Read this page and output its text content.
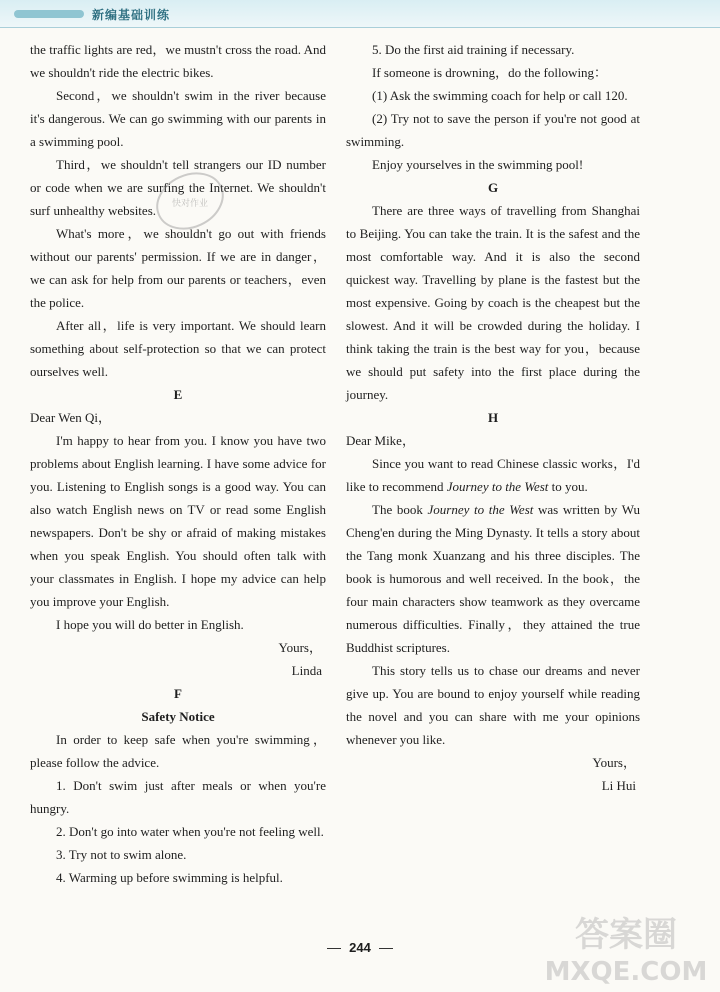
新编基础训练

the traffic lights are red，we mustn't cross the road. And we shouldn't ride the electric bikes.

Second，we shouldn't swim in the river because it's dangerous. We can go swimming with our parents in a swimming pool.

Third，we shouldn't tell strangers our ID number or code when we are surfing the Internet. We shouldn't surf unhealthy websites.

What's more，we shouldn't go out with friends without our parents' permission. If we are in danger，we can ask for help from our parents or teachers，even the police.

After all，life is very important. We should learn something about self-protection so that we can protect ourselves well.

E

Dear Wen Qi，

I'm happy to hear from you. I know you have two problems about English learning. I have some advice for you. Listening to English songs is a good way. You can also watch English news on TV or read some English newspapers. Don't be shy or afraid of making mistakes when you speak English. You should often talk with your classmates in English. I hope my advice can help you improve your English.

I hope you will do better in English.

Yours，

Linda

F

Safety Notice

In order to keep safe when you're swimming，please follow the advice.

1. Don't swim just after meals or when you're hungry.

2. Don't go into water when you're not feeling well.

3. Try not to swim alone.

4. Warming up before swimming is helpful.

5. Do the first aid training if necessary.

If someone is drowning，do the following：

(1) Ask the swimming coach for help or call 120.

(2) Try not to save the person if you're not good at swimming.

Enjoy yourselves in the swimming pool!

G

There are three ways of travelling from Shanghai to Beijing. You can take the train. It is the safest and the most comfortable way. And it is also the second quickest way. Travelling by plane is the fastest but the most expensive. Going by coach is the cheapest but the slowest. And it will be crowded during the holiday. I think taking the train is the best way for you，because we should put safety into the first place during the journey.

H

Dear Mike，

Since you want to read Chinese classic works，I'd like to recommend Journey to the West to you.

The book Journey to the West was written by Wu Cheng'en during the Ming Dynasty. It tells a story about the Tang monk Xuanzang and his three disciples. The book is humorous and well received. In the book，the four main characters show teamwork as they overcame numerous difficulties. Finally，they attained the true Buddhist scriptures.

This story tells us to chase our dreams and never give up. You are bound to enjoy yourself while reading the novel and you can share with me your opinions whenever you like.

Yours，

Li Hui

快对作业
244	答案圈
MXQE.COM
